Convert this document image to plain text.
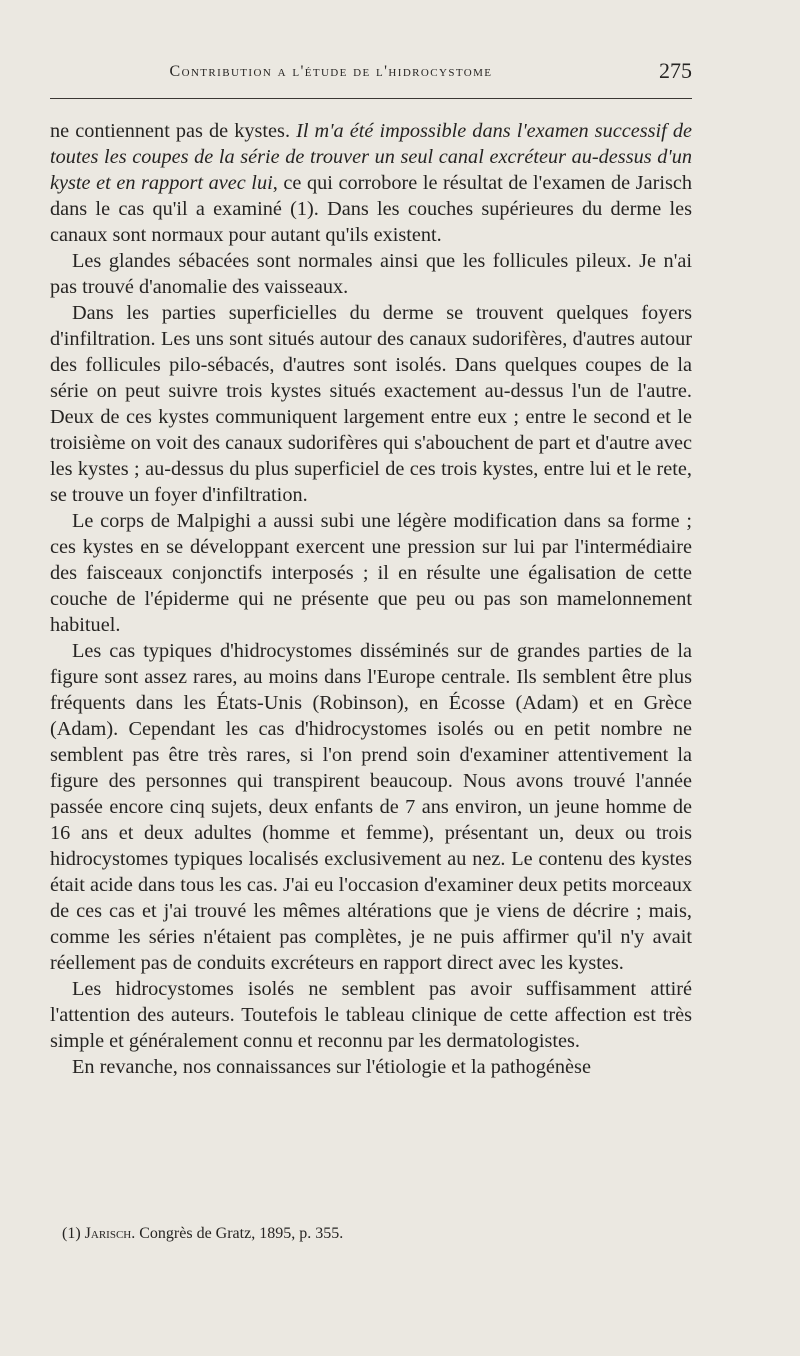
Contribution a l'étude de l'hidrocystome	275

ne contiennent pas de kystes. Il m'a été impossible dans l'examen successif de toutes les coupes de la série de trouver un seul canal excréteur au-dessus d'un kyste et en rapport avec lui, ce qui corrobore le résultat de l'examen de Jarisch dans le cas qu'il a examiné (1). Dans les couches supérieures du derme les canaux sont normaux pour autant qu'ils existent.

Les glandes sébacées sont normales ainsi que les follicules pileux. Je n'ai pas trouvé d'anomalie des vaisseaux.

Dans les parties superficielles du derme se trouvent quelques foyers d'infiltration. Les uns sont situés autour des canaux sudorifères, d'autres autour des follicules pilo-sébacés, d'autres sont isolés. Dans quelques coupes de la série on peut suivre trois kystes situés exactement au-dessus l'un de l'autre. Deux de ces kystes communiquent largement entre eux ; entre le second et le troisième on voit des canaux sudorifères qui s'abouchent de part et d'autre avec les kystes ; au-dessus du plus superficiel de ces trois kystes, entre lui et le rete, se trouve un foyer d'infiltration.

Le corps de Malpighi a aussi subi une légère modification dans sa forme ; ces kystes en se développant exercent une pression sur lui par l'intermédiaire des faisceaux conjonctifs interposés ; il en résulte une égalisation de cette couche de l'épiderme qui ne présente que peu ou pas son mamelonnement habituel.

Les cas typiques d'hidrocystomes disséminés sur de grandes parties de la figure sont assez rares, au moins dans l'Europe centrale. Ils semblent être plus fréquents dans les États-Unis (Robinson), en Écosse (Adam) et en Grèce (Adam). Cependant les cas d'hidrocystomes isolés ou en petit nombre ne semblent pas être très rares, si l'on prend soin d'examiner attentivement la figure des personnes qui transpirent beaucoup. Nous avons trouvé l'année passée encore cinq sujets, deux enfants de 7 ans environ, un jeune homme de 16 ans et deux adultes (homme et femme), présentant un, deux ou trois hidrocystomes typiques localisés exclusivement au nez. Le contenu des kystes était acide dans tous les cas. J'ai eu l'occasion d'examiner deux petits morceaux de ces cas et j'ai trouvé les mêmes altérations que je viens de décrire ; mais, comme les séries n'étaient pas complètes, je ne puis affirmer qu'il n'y avait réellement pas de conduits excréteurs en rapport direct avec les kystes.

Les hidrocystomes isolés ne semblent pas avoir suffisamment attiré l'attention des auteurs. Toutefois le tableau clinique de cette affection est très simple et généralement connu et reconnu par les dermatologistes.

En revanche, nos connaissances sur l'étiologie et la pathogénèse

(1) Jarisch. Congrès de Gratz, 1895, p. 355.
